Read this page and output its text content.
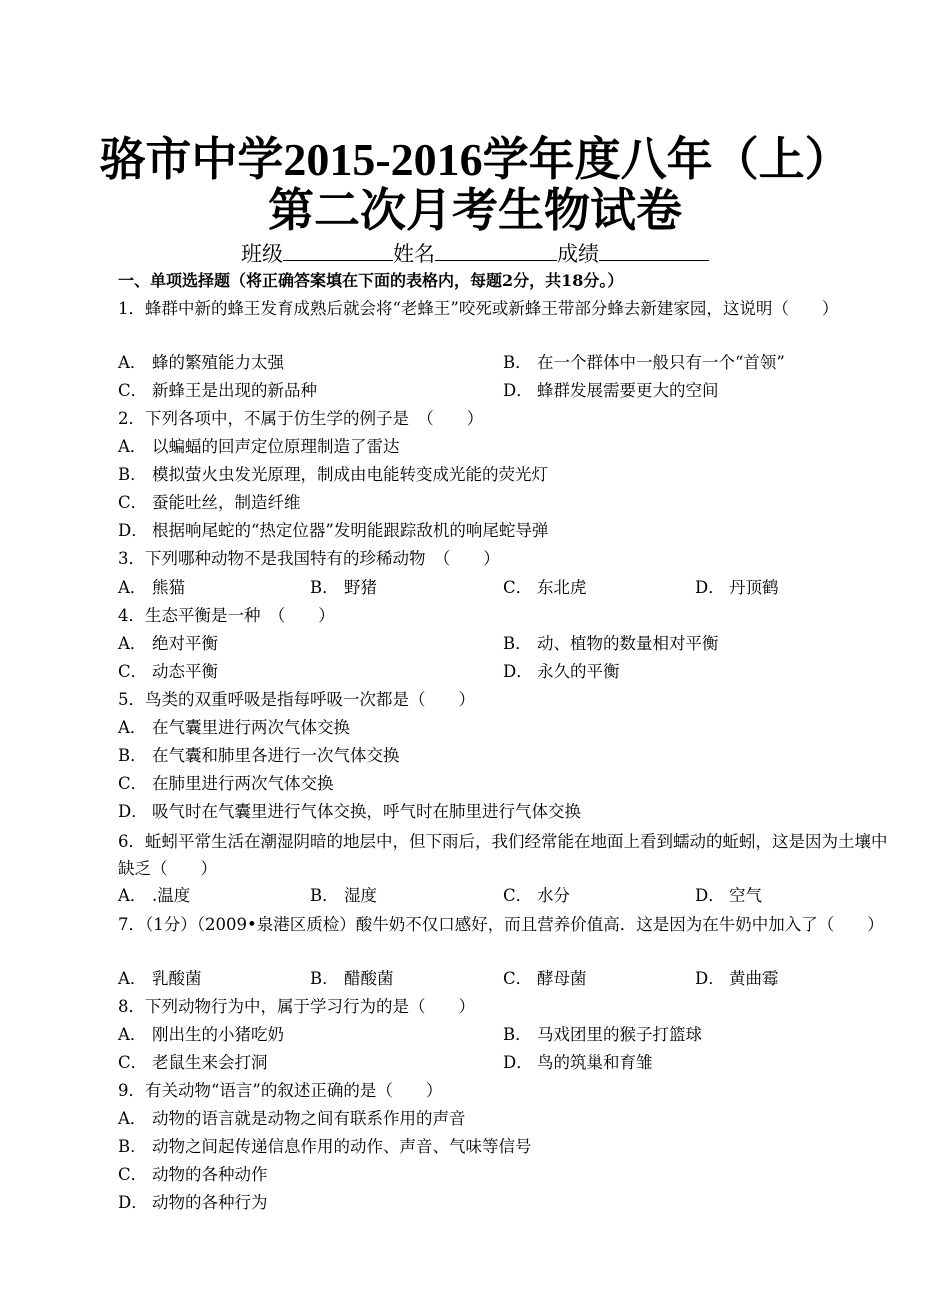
骆市中学2015-2016学年度八年（上）
第二次月考生物试卷
班级	姓名	成绩
一、单项选择题（将正确答案填在下面的表格内，每题2分，共18分。）
1．蜂群中新的蜂王发育成熟后就会将“老蜂王”咬死或新蜂王带部分蜂去新建家园，这说明（　　）
A． 蜂的繁殖能力太强	B． 在一个群体中一般只有一个“首领”
C． 新蜂王是出现的新品种	D． 蜂群发展需要更大的空间
2．下列各项中，不属于仿生学的例子是　（　　）
A． 以蝙蝠的回声定位原理制造了雷达
B． 模拟萤火虫发光原理，制成由电能转变成光能的荧光灯
C． 蚕能吐丝，制造纤维
D． 根据响尾蛇的“热定位器”发明能跟踪敌机的响尾蛇导弹
3．下列哪种动物不是我国特有的珍稀动物　（　　）
A． 熊猫	B． 野猪	C． 东北虎	D． 丹顶鹤
4．生态平衡是一种　（　　）
A． 绝对平衡	B． 动、植物的数量相对平衡
C． 动态平衡	D． 永久的平衡
5．鸟类的双重呼吸是指每呼吸一次都是（　　）
A． 在气囊里进行两次气体交换
B． 在气囊和肺里各进行一次气体交换
C． 在肺里进行两次气体交换
D． 吸气时在气囊里进行气体交换，呼气时在肺里进行气体交换
6．蚯蚓平常生活在潮湿阴暗的地层中，但下雨后，我们经常能在地面上看到蠕动的蚯蚓，这是因为土壤中缺乏（　　）
A． .温度	B． 湿度	C． 水分	D． 空气
7．（1分）（2009•泉港区质检）酸牛奶不仅口感好，而且营养价值高．这是因为在牛奶中加入了（　　）
A． 乳酸菌	B． 醋酸菌	C． 酵母菌	D． 黄曲霉
8．下列动物行为中，属于学习行为的是（　　）
A． 刚出生的小猪吃奶	B． 马戏团里的猴子打篮球
C． 老鼠生来会打洞	D． 鸟的筑巢和育雏
9．有关动物“语言”的叙述正确的是（　　）
A． 动物的语言就是动物之间有联系作用的声音
B． 动物之间起传递信息作用的动作、声音、气味等信号
C． 动物的各种动作
D． 动物的各种行为
